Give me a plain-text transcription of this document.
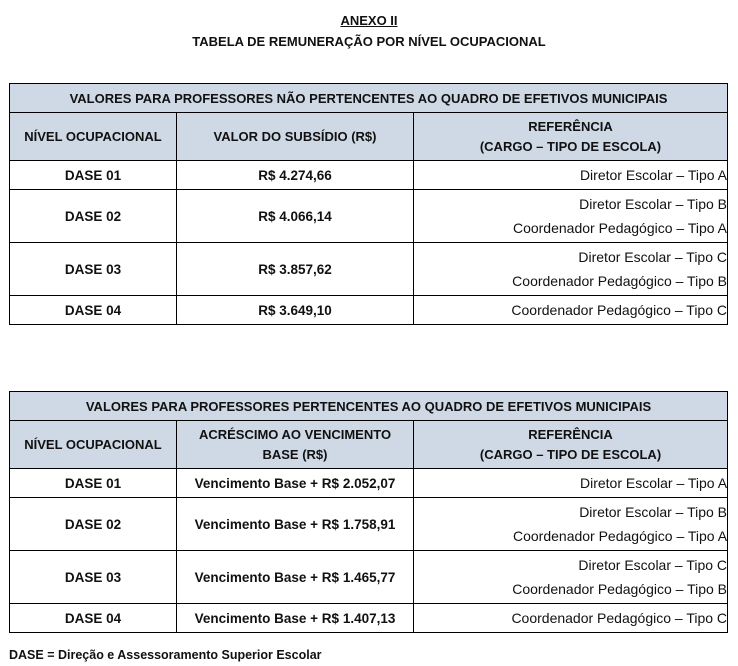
ANEXO II
TABELA DE REMUNERAÇÃO POR NÍVEL OCUPACIONAL
VALORES PARA PROFESSORES NÃO PERTENCENTES AO QUADRO DE EFETIVOS MUNICIPAIS		
NÍVEL OCUPACIONAL	VALOR DO SUBSÍDIO (R$)	REFERÊNCIA
(CARGO – TIPO DE ESCOLA)

DASE 01	R$ 4.274,66	Diretor Escolar – Tipo A

DASE 02	R$ 4.066,14	Diretor Escolar – Tipo B
Coordenador Pedagógico – Tipo A

DASE 03	R$ 3.857,62	Diretor Escolar – Tipo C
Coordenador Pedagógico – Tipo B

DASE 04	R$ 3.649,10	Coordenador Pedagógico – Tipo C
VALORES PARA PROFESSORES PERTENCENTES AO QUADRO DE EFETIVOS MUNICIPAIS		
NÍVEL OCUPACIONAL	ACRÉSCIMO AO VENCIMENTO
BASE (R$)	REFERÊNCIA
(CARGO – TIPO DE ESCOLA)

DASE 01	Vencimento Base + R$ 2.052,07	Diretor Escolar – Tipo A

DASE 02	Vencimento Base + R$ 1.758,91	Diretor Escolar – Tipo B
Coordenador Pedagógico – Tipo A

DASE 03	Vencimento Base + R$ 1.465,77	Diretor Escolar – Tipo C
Coordenador Pedagógico – Tipo B

DASE 04	Vencimento Base + R$ 1.407,13	Coordenador Pedagógico – Tipo C
DASE = Direção e Assessoramento Superior Escolar
